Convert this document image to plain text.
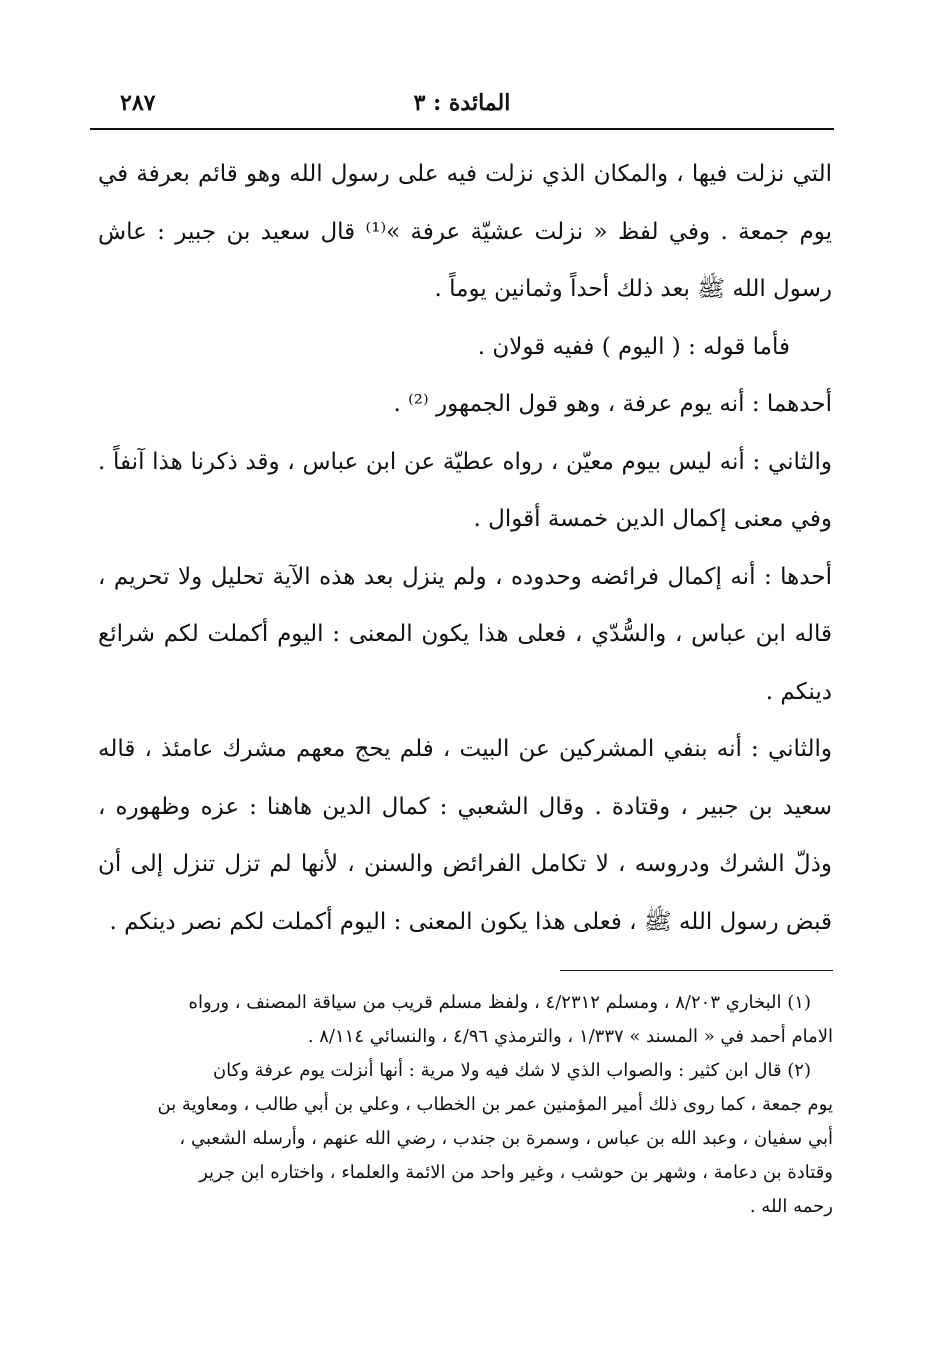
المائدة : ٣
٢٨٧

التي نزلت فيها ، والمكان الذي نزلت فيه على رسول الله وهو قائم بعرفة في يوم جمعة . وفي لفظ « نزلت عشيّة عرفة »⁽¹⁾ قال سعيد بن جبير : عاش رسول الله ﷺ بعد ذلك أحداً وثمانين يوماً .

فأما قوله : ( اليوم ) ففيه قولان .

أحدهما : أنه يوم عرفة ، وهو قول الجمهور ⁽²⁾ .

والثاني : أنه ليس بيوم معيّن ، رواه عطيّة عن ابن عباس ، وقد ذكرنا هذا آنفاً . وفي معنى إكمال الدين خمسة أقوال .

أحدها : أنه إكمال فرائضه وحدوده ، ولم ينزل بعد هذه الآية تحليل ولا تحريم ، قاله ابن عباس ، والسُّدّي ، فعلى هذا يكون المعنى : اليوم أكملت لكم شرائع دينكم .

والثاني : أنه بنفي المشركين عن البيت ، فلم يحج معهم مشرك عامئذ ، قاله سعيد بن جبير ، وقتادة . وقال الشعبي : كمال الدين هاهنا : عزه وظهوره ، وذلّ الشرك ودروسه ، لا تكامل الفرائض والسنن ، لأنها لم تزل تنزل إلى أن قبض رسول الله ﷺ ، فعلى هذا يكون المعنى : اليوم أكملت لكم نصر دينكم .

(١) البخاري ٨/٢٠٣ ، ومسلم ٤/٢٣١٢ ، ولفظ مسلم قريب من سياقة المصنف ، ورواه

الامام أحمد في « المسند » ١/٣٣٧ ، والترمذي ٤/٩٦ ، والنسائي ٨/١١٤ .

(٢) قال ابن كثير : والصواب الذي لا شك فيه ولا مرية : أنها أنزلت يوم عرفة وكان

يوم جمعة ، كما روى ذلك أمير المؤمنين عمر بن الخطاب ، وعلي بن أبي طالب ، ومعاوية بن

أبي سفيان ، وعبد الله بن عباس ، وسمرة بن جندب ، رضي الله عنهم ، وأرسله الشعبي ،

وقتادة بن دعامة ، وشهر بن حوشب ، وغير واحد من الائمة والعلماء ، واختاره ابن جرير

رحمه الله .
